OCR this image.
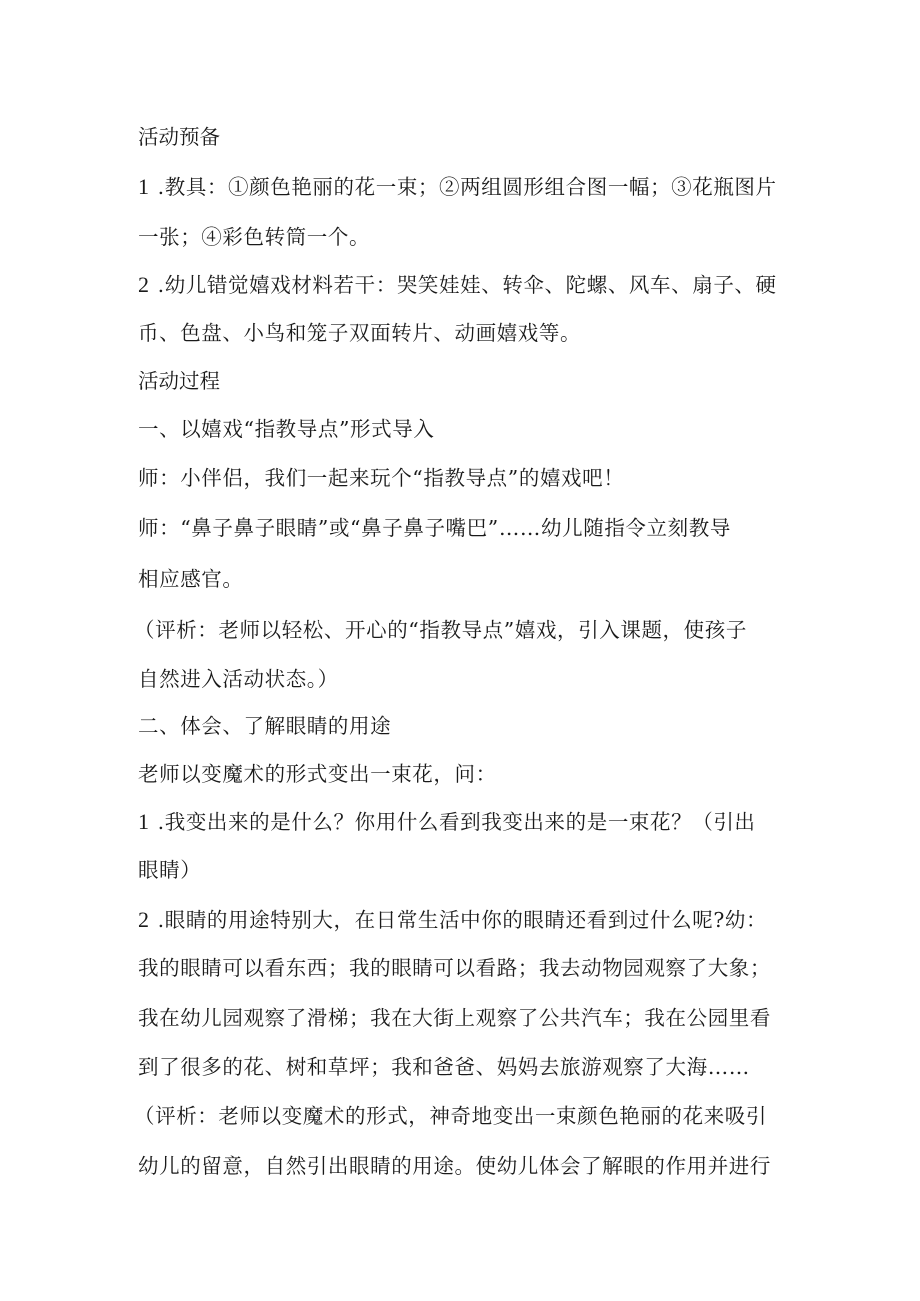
活动预备
1 .教具：①颜色艳丽的花一束；②两组圆形组合图一幅；③花瓶图片
一张；④彩色转筒一个。
2 .幼儿错觉嬉戏材料若干：哭笑娃娃、转伞、陀螺、风车、扇子、硬
币、色盘、小鸟和笼子双面转片、动画嬉戏等。
活动过程
一、以嬉戏“指教导点”形式导入
师：小伴侣，我们一起来玩个“指教导点”的嬉戏吧！
师：“鼻子鼻子眼睛”或“鼻子鼻子嘴巴”……幼儿随指令立刻教导
相应感官。
（评析：老师以轻松、开心的“指教导点”嬉戏，引入课题，使孩子
自然进入活动状态。）
二、体会、了解眼睛的用途
老师以变魔术的形式变出一束花，问：
1 .我变出来的是什么？你用什么看到我变出来的是一束花？（引出
眼睛）
2 .眼睛的用途特别大，在日常生活中你的眼睛还看到过什么呢?幼：
我的眼睛可以看东西；我的眼睛可以看路；我去动物园观察了大象；
我在幼儿园观察了滑梯；我在大街上观察了公共汽车；我在公园里看
到了很多的花、树和草坪；我和爸爸、妈妈去旅游观察了大海……
（评析：老师以变魔术的形式，神奇地变出一束颜色艳丽的花来吸引
幼儿的留意，自然引出眼睛的用途。使幼儿体会了解眼的作用并进行
